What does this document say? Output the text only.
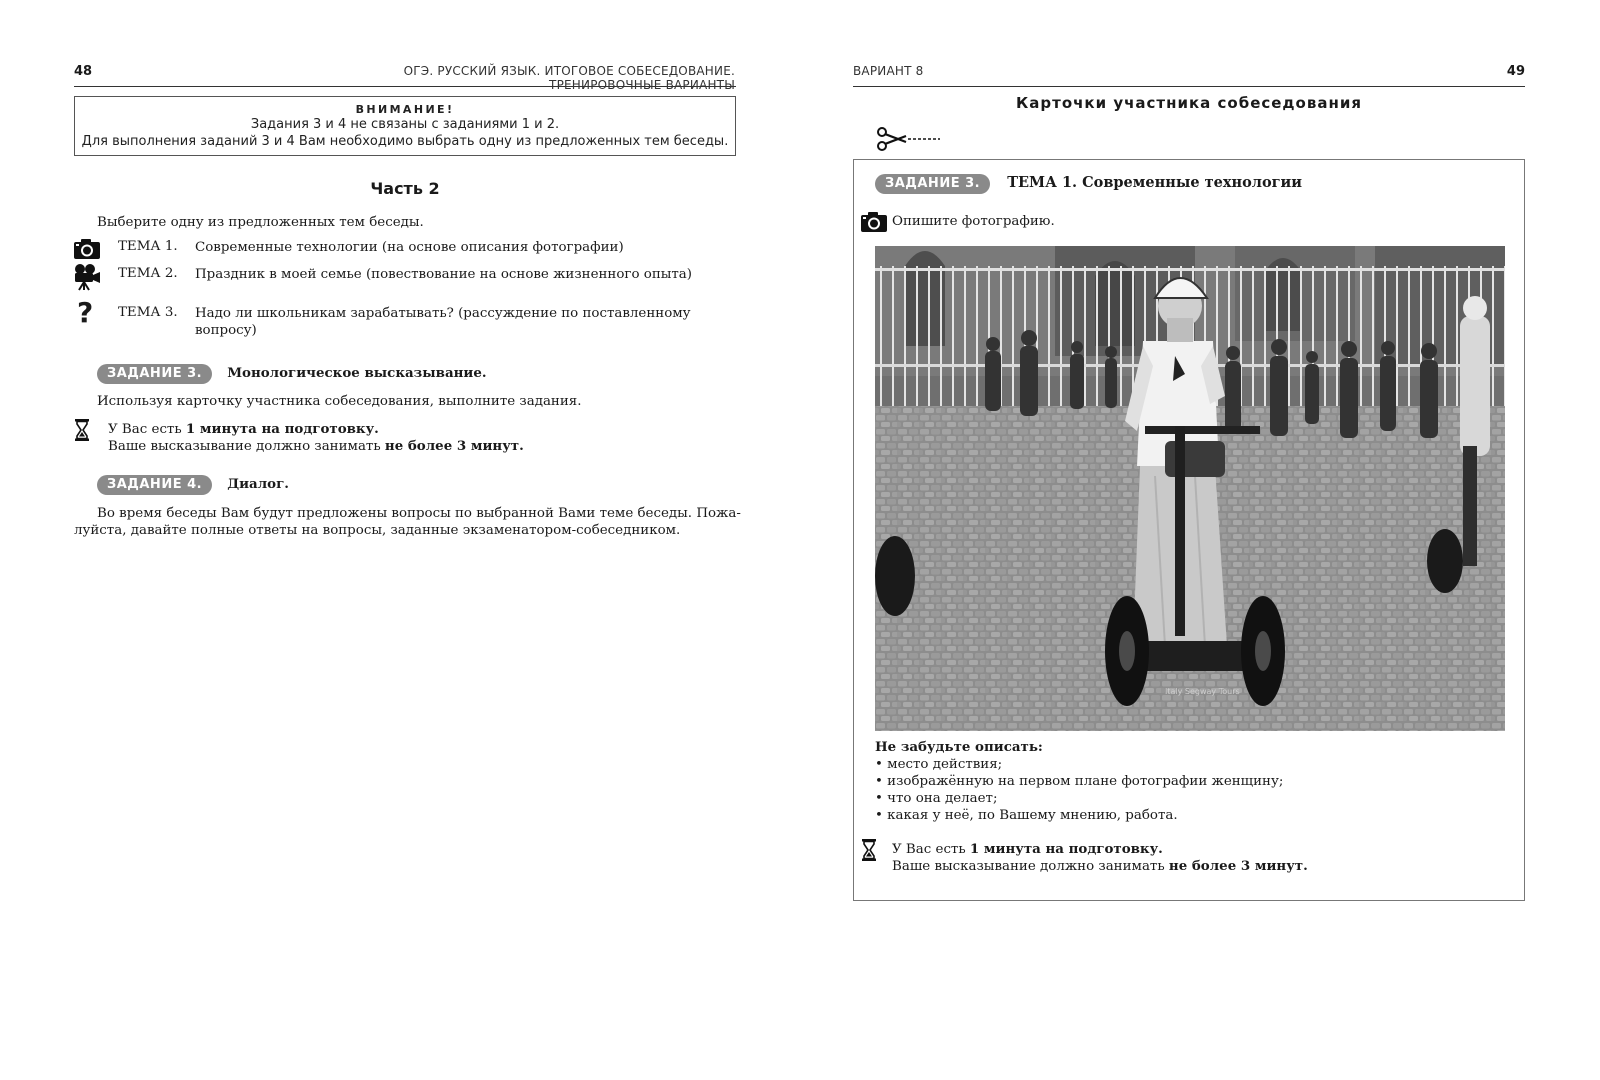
48	ОГЭ. РУССКИЙ ЯЗЫК. ИТОГОВОЕ СОБЕСЕДОВАНИЕ. ТРЕНИРОВОЧНЫЕ ВАРИАНТЫ
ВНИМАНИЕ!
Задания 3 и 4 не связаны с заданиями 1 и 2.
Для выполнения заданий 3 и 4 Вам необходимо выбрать одну из предложенных тем беседы.
Часть 2
Выберите одну из предложенных тем беседы.
ТЕМА 1. Современные технологии (на основе описания фотографии)
ТЕМА 2. Праздник в моей семье (повествование на основе жизненного опыта)
? ТЕМА 3. Надо ли школьникам зарабатывать? (рассуждение по поставленному вопросу)
ЗАДАНИЕ 3. Монологическое высказывание.
Используя карточку участника собеседования, выполните задания.
У Вас есть 1 минута на подготовку.
Ваше высказывание должно занимать не более 3 минут.
ЗАДАНИЕ 4. Диалог.
Во время беседы Вам будут предложены вопросы по выбранной Вами теме беседы. Пожа-
луйста, давайте полные ответы на вопросы, заданные экзаменатором-собеседником.
ВАРИАНТ 8	49
Карточки участника собеседования
ЗАДАНИЕ 3. ТЕМА 1. Современные технологии
Опишите фотографию.
Italy Segway Tours
Не забудьте описать:
• место действия;
• изображённую на первом плане фотографии женщину;
• что она делает;
• какая у неё, по Вашему мнению, работа.
У Вас есть 1 минута на подготовку.
Ваше высказывание должно занимать не более 3 минут.
